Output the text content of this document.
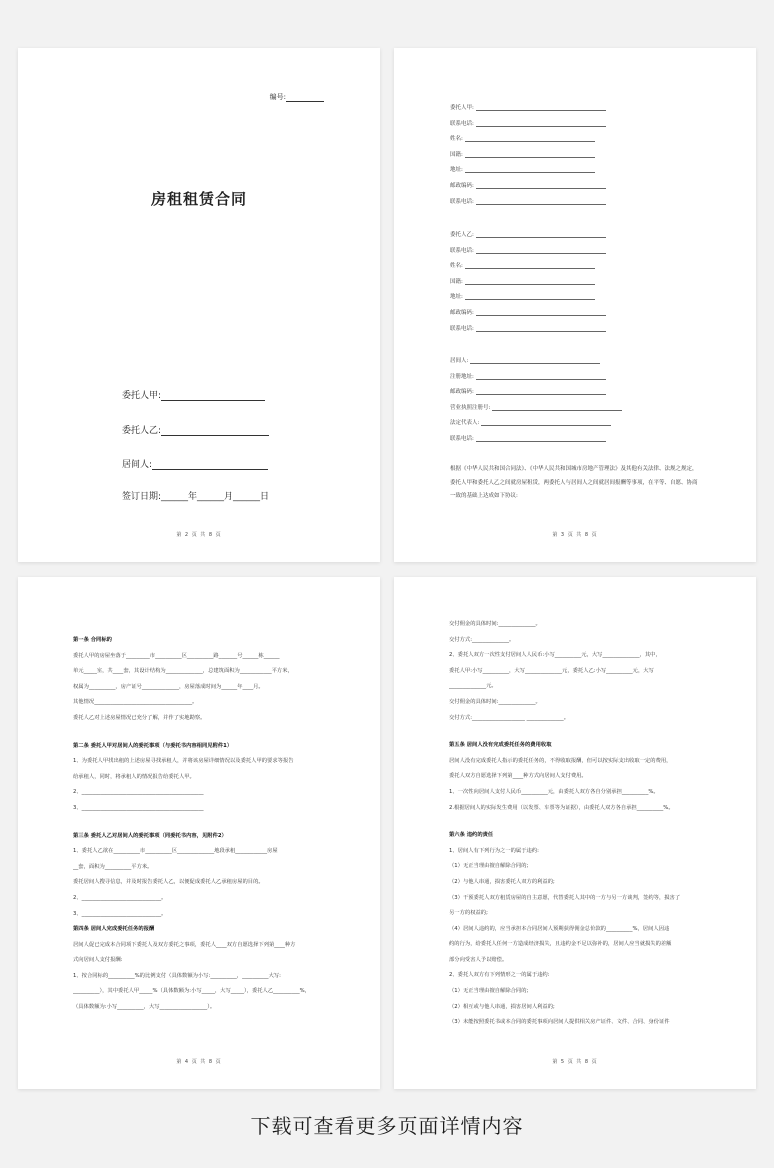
编号:
房租租赁合同
委托人甲:
委托人乙:
居间人:
签订日期:______年______月______日
第 2 页 共 8 页
委托人甲:
联系电话:
姓名:
国籍:
地址:
邮政编码:
联系电话:
委托人乙:
联系电话:
姓名:
国籍:
地址:
邮政编码:
联系电话:
居间人:
注册地址:
邮政编码:
营业执照注册号:
法定代表人:
联系电话:
根据《中华人民共和国合同法》、《中华人民共和国城市房地产管理法》及其他有关法律、法规之规定，委托人甲和委托人乙之间就房屋租赁，两委托人与居间人之间就居间报酬等事项，在平等、自愿、协商一致的基础上达成如下协议:
第 3 页 共 8 页
第一条 合同标的
委托人甲的房屋坐落于_________市__________区__________路_______号______栋______
单元_____室，共____套，其设计结构为______________，总建筑面积为____________平方米，
权属为__________，房产证号______________，房屋落成时间为______年____月。
其他情况_____________________________________。
委托人乙对上述房屋情况已充分了解，并作了实地勘察。
第二条 委托人甲对居间人的委托事项（与委托书内容相同见附件1）
1、为委托人甲找出租的上述房屋寻找承租人，并将该房屋详细情况以及委托人甲的要求等报告
给承租人，同时，将承租人的情况报告给委托人甲。
2、______________________________________________
3、______________________________________________
第三条 委托人乙对居间人的委托事项（同委托书内容，见附件2）
1、委托人乙欲在__________市__________区______________地段承租____________房屋
__套，面积为__________平方米。
委托居间人搜寻信息，并及时报告委托人乙，以便促成委托人乙承租房屋的目的。
2、______________________________。
3、______________________________。
第四条 居间人完成委托任务的报酬
居间人促已完成本合同项下委托人及双方委托之事项，委托人____双方自愿选择下列第____种方
式向居间人支付报酬:
1、按合同标的__________%的比例支付（具体数额为小写:__________，__________大写:
__________），其中委托人甲_____%（具体数额为:小写_____，大写_____），委托人乙__________%，
（具体数额为:小写__________，大写__________________）。
第 4 页 共 8 页
交付佣金的具体时间:______________。
交付方式:______________。
2、委托人双方一次性支付居间人人民币:小写__________元，大写______________，其中，
委托人甲:小写__________，大写______________元，委托人乙:小写__________元，大写
______________元。
交付佣金的具体时间:______________。
交付方式:____________________ ______________。
第五条 居间人没有完成委托任务的费用收取
居间人没有完成委托人指示的委托任务的，不得收取报酬，但可以按实际支出收取一定的费用，
委托人双方自愿选择下列第____种方式向居间人支付费用。
1、一次性向居间人支付人民币__________元，由委托人双方各自分别承担__________%。
2.根据居间人的实际发生费用（以发票、车票等为证据），由委托人双方各自承担__________%。
第六条 违约的责任
1、居间人有下列行为之一的属于违约:
（1）无正当理由擅自解除合同的;
（2）与他人串通，损害委托人双方的利益的;
（3）干预委托人双方租赁房屋的自主意愿，代替委托人其中的一方与另一方谈判，签约等，损害了
另一方的权益的;
（4）居间人违约的，应当承担本合同居间人预期获得佣金总价款的__________%，居间人因违
约的行为，给委托人任何一方造成经济损失，且违约金不足以弥补的，居间人应当就损失的差额
部分向受害人予以赔偿。
2、委托人双方有下列情形之一的属于违约:
（1）无正当理由擅自解除合同的;
（2）相互或与他人串通，损害居间人利益的;
（3）未能按照委托书或本合同的委托事项向居间人提供相关房产证件、文件、合同、身份证件
第 5 页 共 8 页
下载可查看更多页面详情内容
